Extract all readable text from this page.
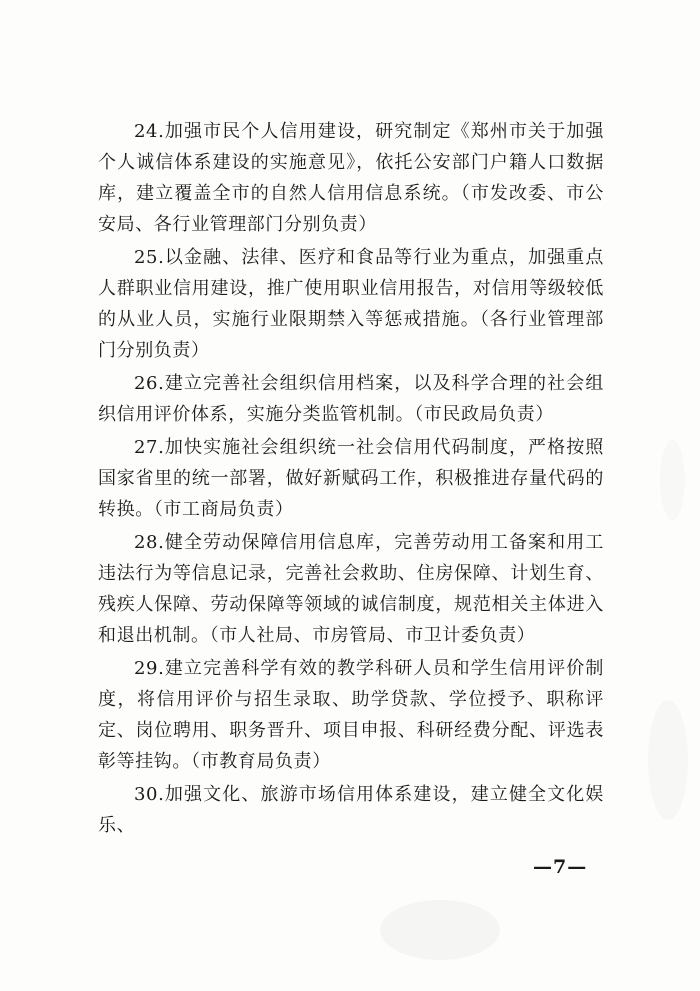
24.加强市民个人信用建设，研究制定《郑州市关于加强个人诚信体系建设的实施意见》，依托公安部门户籍人口数据库，建立覆盖全市的自然人信用信息系统。（市发改委、市公安局、各行业管理部门分别负责）

25.以金融、法律、医疗和食品等行业为重点，加强重点人群职业信用建设，推广使用职业信用报告，对信用等级较低的从业人员，实施行业限期禁入等惩戒措施。（各行业管理部门分别负责）

26.建立完善社会组织信用档案，以及科学合理的社会组织信用评价体系，实施分类监管机制。（市民政局负责）

27.加快实施社会组织统一社会信用代码制度，严格按照国家省里的统一部署，做好新赋码工作，积极推进存量代码的转换。（市工商局负责）

28.健全劳动保障信用信息库，完善劳动用工备案和用工违法行为等信息记录，完善社会救助、住房保障、计划生育、残疾人保障、劳动保障等领域的诚信制度，规范相关主体进入和退出机制。（市人社局、市房管局、市卫计委负责）

29.建立完善科学有效的教学科研人员和学生信用评价制度，将信用评价与招生录取、助学贷款、学位授予、职称评定、岗位聘用、职务晋升、项目申报、科研经费分配、评选表彰等挂钩。（市教育局负责）

30.加强文化、旅游市场信用体系建设，建立健全文化娱乐、

—7—
